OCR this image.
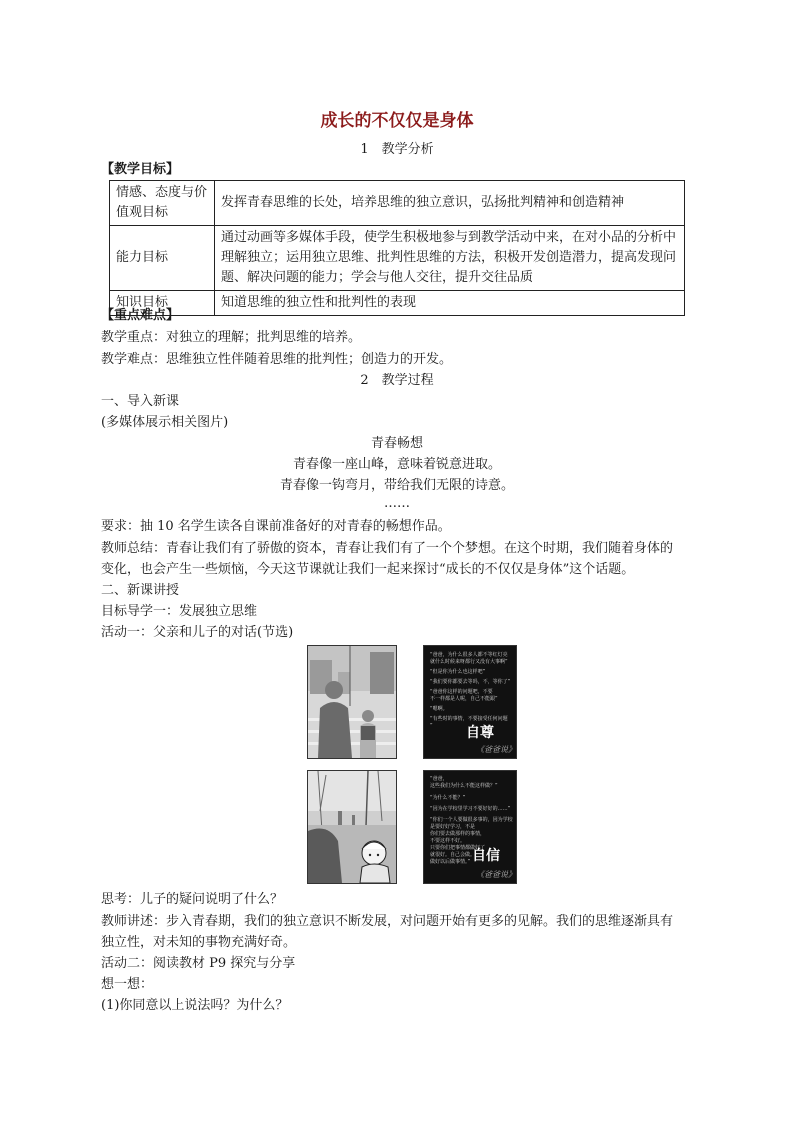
成长的不仅仅是身体
1　教学分析
【教学目标】
情感、态度与价值观目标	发挥青春思维的长处，培养思维的独立意识，弘扬批判精神和创造精神
能力目标	通过动画等多媒体手段，使学生积极地参与到教学活动中来，在对小品的分析中理解独立；运用独立思维、批判性思维的方法，积极开发创造潜力，提高发现问题、解决问题的能力；学会与他人交往，提升交往品质
知识目标	知道思维的独立性和批判性的表现
【重点难点】
教学重点：对独立的理解；批判思维的培养。
教学难点：思维独立性伴随着思维的批判性；创造力的开发。
2　教学过程
一、导入新课
(多媒体展示相关图片)
青春畅想
青春像一座山峰，意味着锐意进取。
青春像一钩弯月，带给我们无限的诗意。
……
要求：抽 10 名学生读各自课前准备好的对青春的畅想作品。
教师总结：青春让我们有了骄傲的资本，青春让我们有了一个个梦想。在这个时期，我们随着身体的
变化，也会产生一些烦恼，今天这节课就让我们一起来探讨“成长的不仅仅是身体”这个话题。
二、新课讲授
目标导学一：发展独立思维
活动一：父亲和儿子的对话(节选)
“爸爸，为什么很多人都不等红灯亮
就什么时候来呀都行又没有大事啊”
“但是你为什么也这样吧”
“我们要你都要去等吗，不，等你了”
“爸爸你这样的问题吧，不要
不一样都是人呢，自己不能跟”
“嗯啊。
“有些时的事情，不要接受任何问题
” 自尊
《爸爸说》
“爸爸，
这些我们为什么不能这样做？”
“为什么不能？”
“因为在学校里学习不要好好的……”
“你们一个人要做很多事的，因为学校
是要好好学习，不是
你们要去做那样的事情，
不要这样不好。
只要你们把事情都做好了
就很好。自己会做。
做好以后做事情。” 自信
《爸爸说》
思考：儿子的疑问说明了什么？
教师讲述：步入青春期，我们的独立意识不断发展，对问题开始有更多的见解。我们的思维逐渐具有
独立性，对未知的事物充满好奇。
活动二：阅读教材 P9 探究与分享
想一想：
(1)你同意以上说法吗？为什么？
